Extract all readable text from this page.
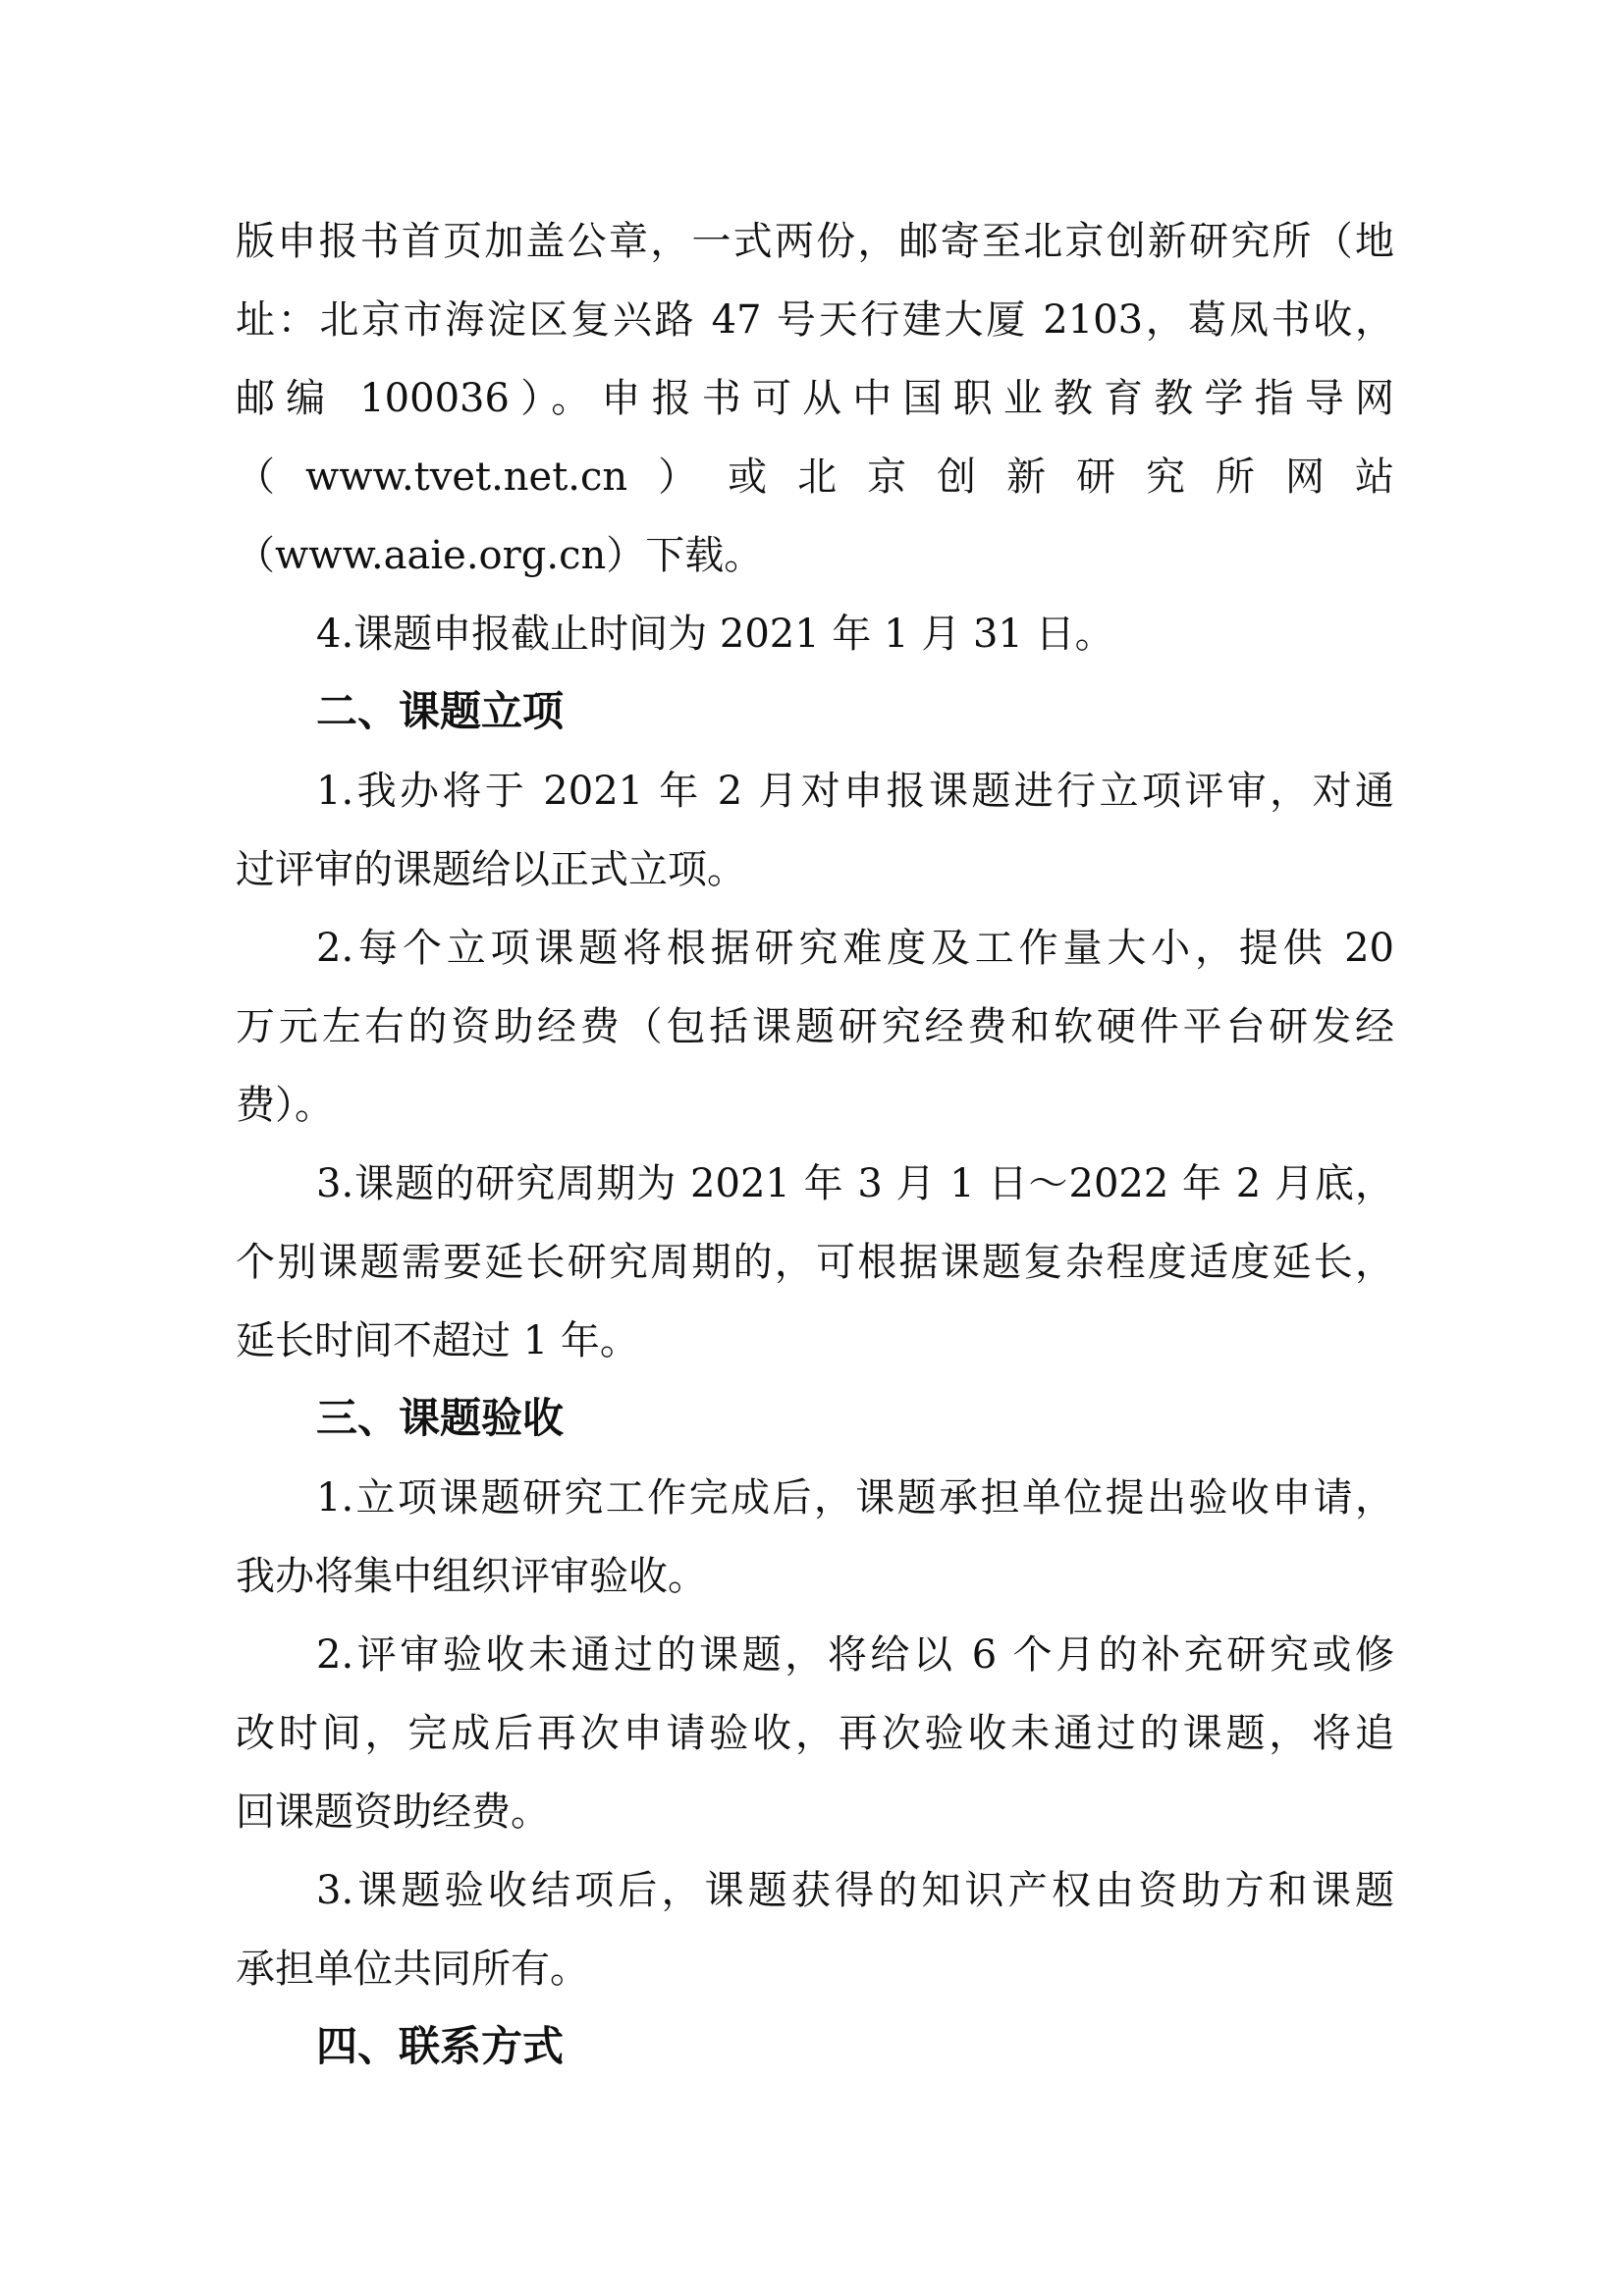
版申报书首页加盖公章，一式两份，邮寄至北京创新研究所（地
址：北京市海淀区复兴路 47 号天行建大厦 2103，葛凤书收，
邮编 100036）。申报书可从中国职业教育教学指导网
（www.tvet.net.cn）或北京创新研究所网站
（www.aaie.org.cn）下载。
4.课题申报截止时间为 2021 年 1 月 31 日。
二、课题立项
1.我办将于 2021 年 2 月对申报课题进行立项评审，对通
过评审的课题给以正式立项。
2.每个立项课题将根据研究难度及工作量大小，提供 20
万元左右的资助经费（包括课题研究经费和软硬件平台研发经
费）。
3.课题的研究周期为 2021 年 3 月 1 日～2022 年 2 月底，
个别课题需要延长研究周期的，可根据课题复杂程度适度延长，
延长时间不超过 1 年。
三、课题验收
1.立项课题研究工作完成后，课题承担单位提出验收申请，
我办将集中组织评审验收。
2.评审验收未通过的课题，将给以 6 个月的补充研究或修
改时间，完成后再次申请验收，再次验收未通过的课题，将追
回课题资助经费。
3.课题验收结项后，课题获得的知识产权由资助方和课题
承担单位共同所有。
四、联系方式
